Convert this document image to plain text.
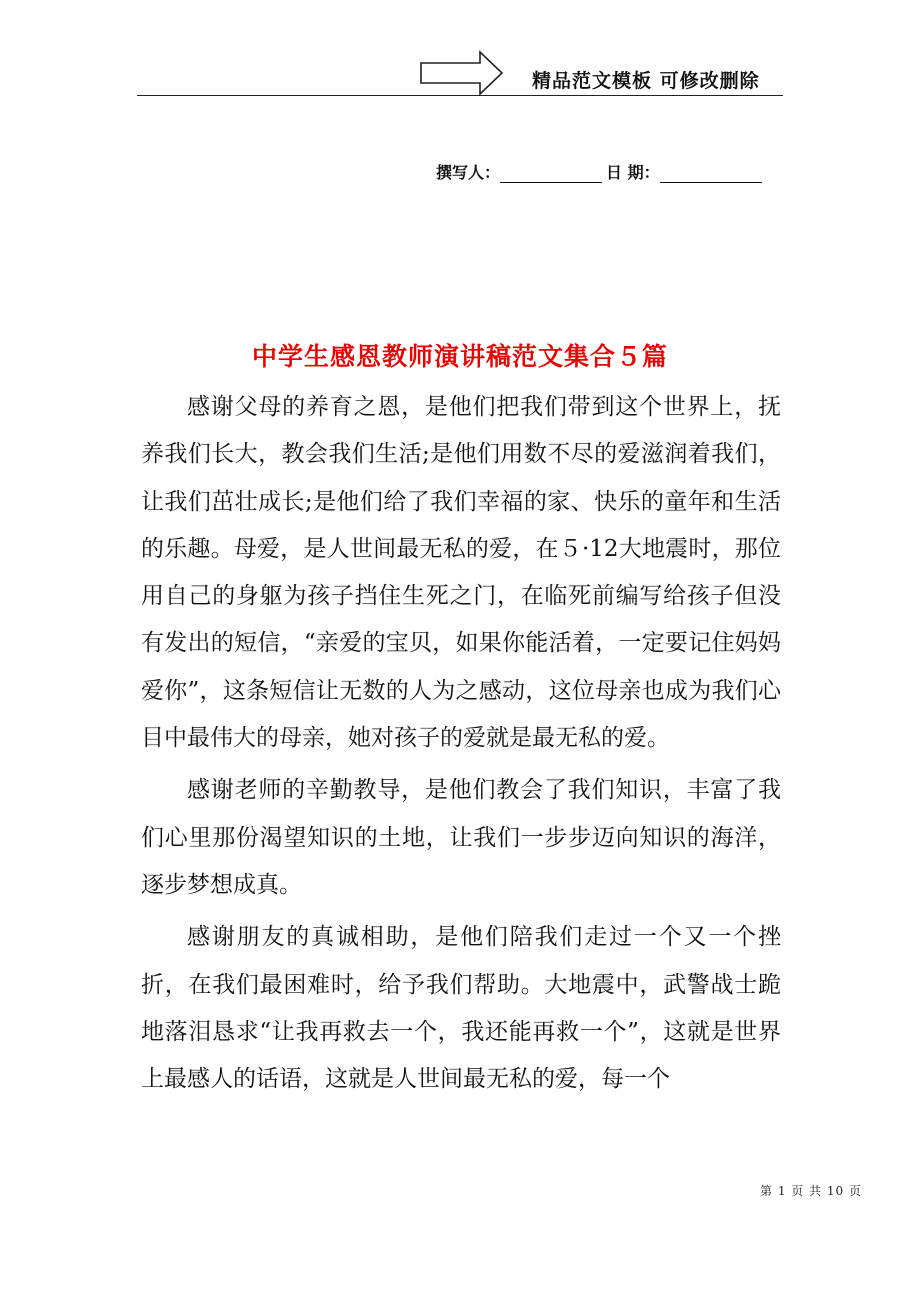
精品范文模板 可修改删除
撰写人：	日 期：
中学生感恩教师演讲稿范文集合５篇

感谢父母的养育之恩，是他们把我们带到这个世界上，抚养我们长大，教会我们生活;是他们用数不尽的爱滋润着我们，让我们茁壮成长;是他们给了我们幸福的家、快乐的童年和生活的乐趣。母爱，是人世间最无私的爱，在５·12大地震时，那位用自己的身躯为孩子挡住生死之门，在临死前编写给孩子但没有发出的短信，“亲爱的宝贝，如果你能活着，一定要记住妈妈爱你”，这条短信让无数的人为之感动，这位母亲也成为我们心目中最伟大的母亲，她对孩子的爱就是最无私的爱。

感谢老师的辛勤教导，是他们教会了我们知识，丰富了我们心里那份渴望知识的土地，让我们一步步迈向知识的海洋，逐步梦想成真。

感谢朋友的真诚相助，是他们陪我们走过一个又一个挫折，在我们最困难时，给予我们帮助。大地震中，武警战士跪地落泪恳求“让我再救去一个，我还能再救一个”，这就是世界上最感人的话语，这就是人世间最无私的爱，每一个

第 1 页 共 10 页
